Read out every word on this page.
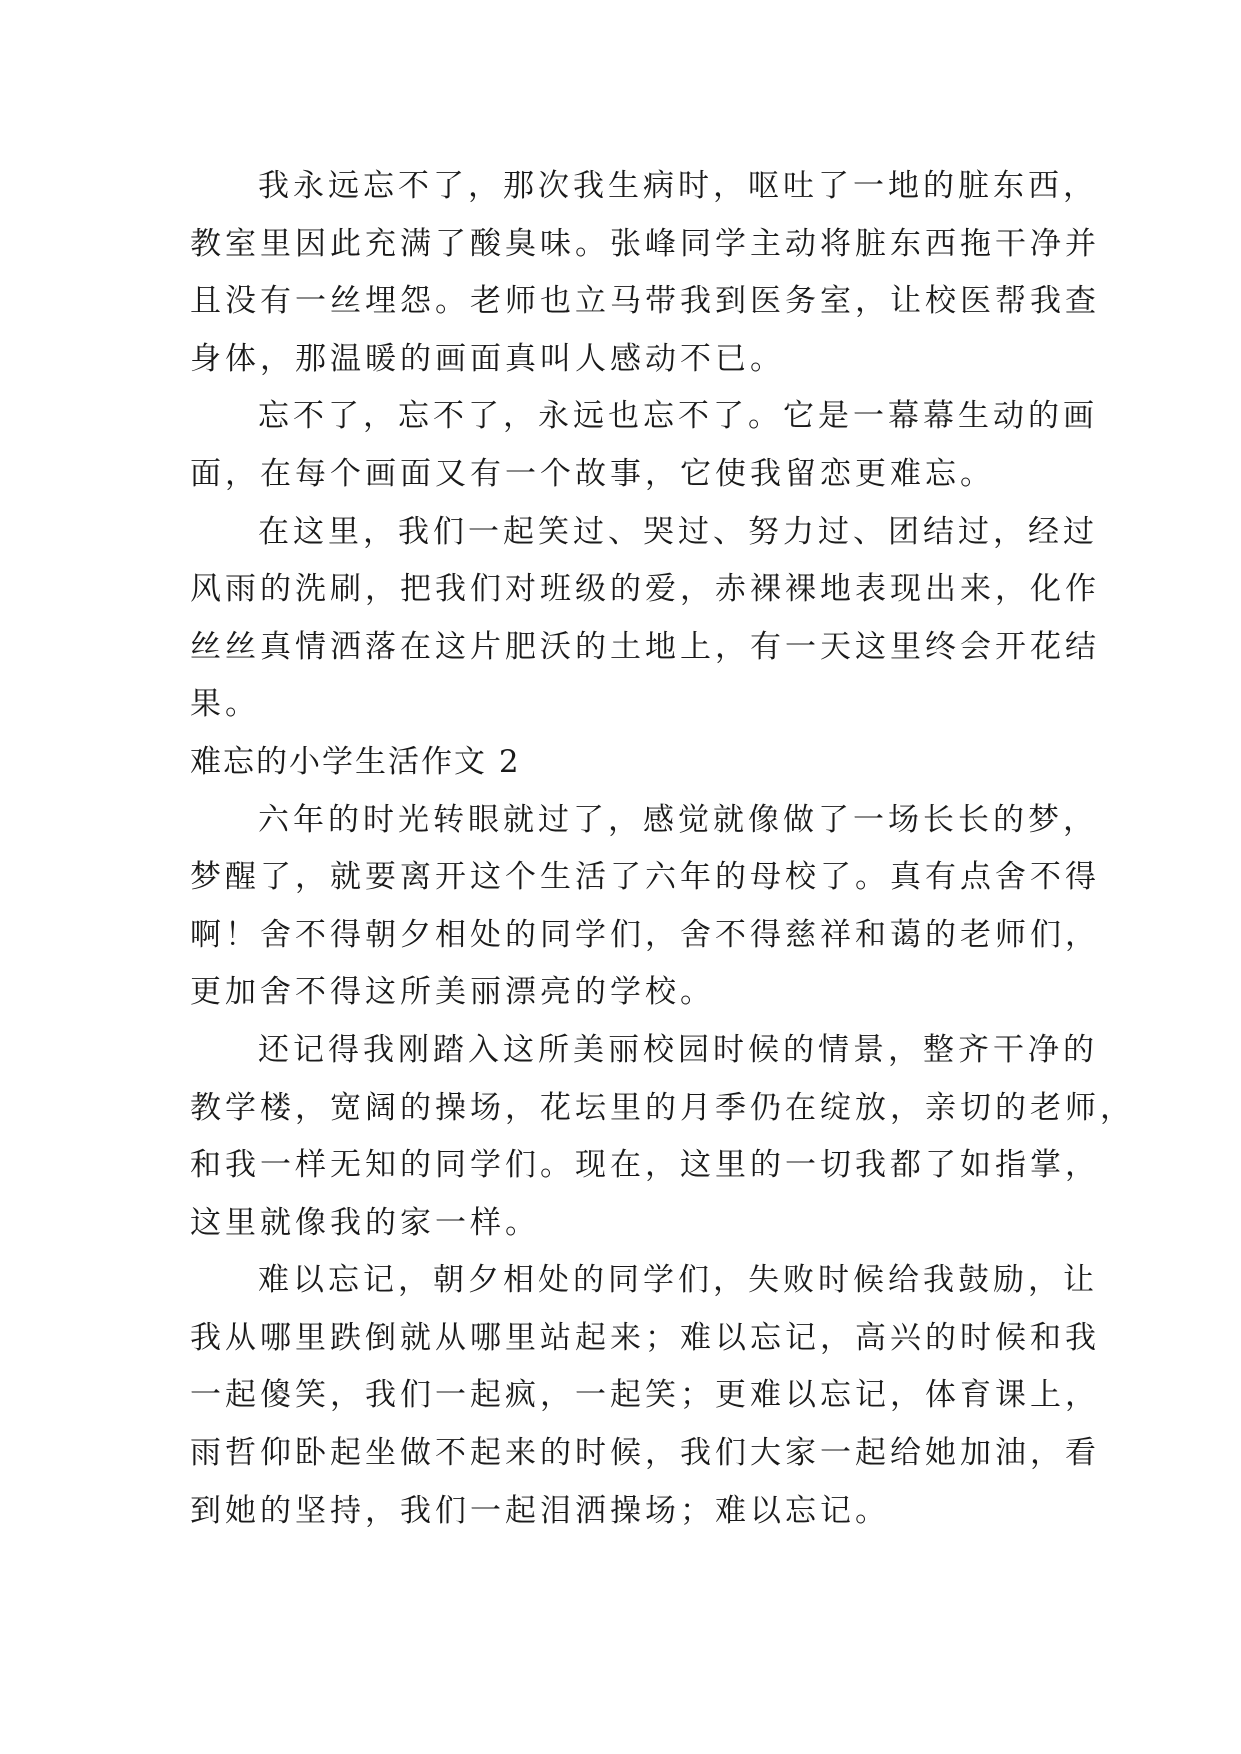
我永远忘不了，那次我生病时，呕吐了一地的脏东西，
教室里因此充满了酸臭味。张峰同学主动将脏东西拖干净并
且没有一丝埋怨。老师也立马带我到医务室，让校医帮我查
身体，那温暖的画面真叫人感动不已。
忘不了，忘不了，永远也忘不了。它是一幕幕生动的画
面，在每个画面又有一个故事，它使我留恋更难忘。
在这里，我们一起笑过、哭过、努力过、团结过，经过
风雨的洗刷，把我们对班级的爱，赤裸裸地表现出来，化作
丝丝真情洒落在这片肥沃的土地上，有一天这里终会开花结
果。
难忘的小学生活作文 2
六年的时光转眼就过了，感觉就像做了一场长长的梦，
梦醒了，就要离开这个生活了六年的母校了。真有点舍不得
啊！舍不得朝夕相处的同学们，舍不得慈祥和蔼的老师们，
更加舍不得这所美丽漂亮的学校。
还记得我刚踏入这所美丽校园时候的情景，整齐干净的
教学楼，宽阔的操场，花坛里的月季仍在绽放，亲切的老师，
和我一样无知的同学们。现在，这里的一切我都了如指掌，
这里就像我的家一样。
难以忘记，朝夕相处的同学们，失败时候给我鼓励，让
我从哪里跌倒就从哪里站起来；难以忘记，高兴的时候和我
一起傻笑，我们一起疯，一起笑；更难以忘记，体育课上，
雨哲仰卧起坐做不起来的时候，我们大家一起给她加油，看
到她的坚持，我们一起泪洒操场；难以忘记。
